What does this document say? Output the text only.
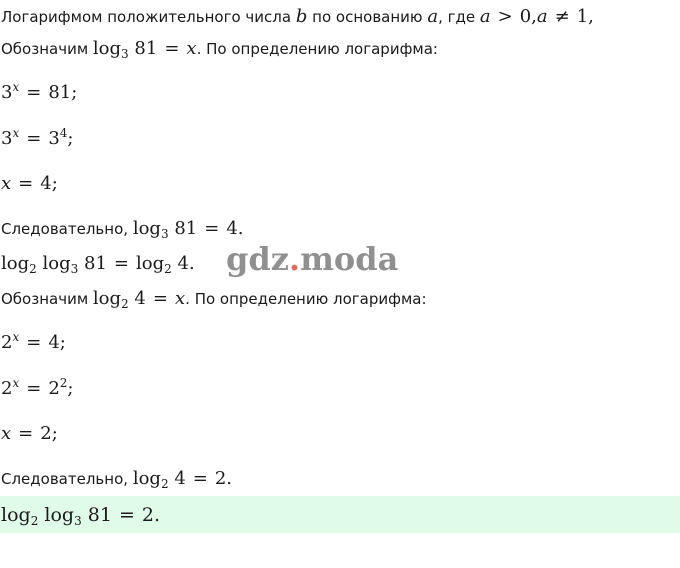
Логарифмом положительного числа b по основанию a, где a > 0,a ≠ 1,
Обозначим $\log_3 81 = x$. По определению логарифма:
$3^x = 81$;
$3^x = 3^4$;
x = 4;
Следовательно, $\log_3 81 = 4$.
$\log_2 \log_3 81 = \log_2 4$. gdz.moda
Обозначим $\log_2 4 = x$. По определению логарифма:
$2^x = 4$;
$2^x = 2^2$;
x = 2;
Следовательно, $\log_2 4 = 2$.
$\log_2 \log_3 81 = 2$.
